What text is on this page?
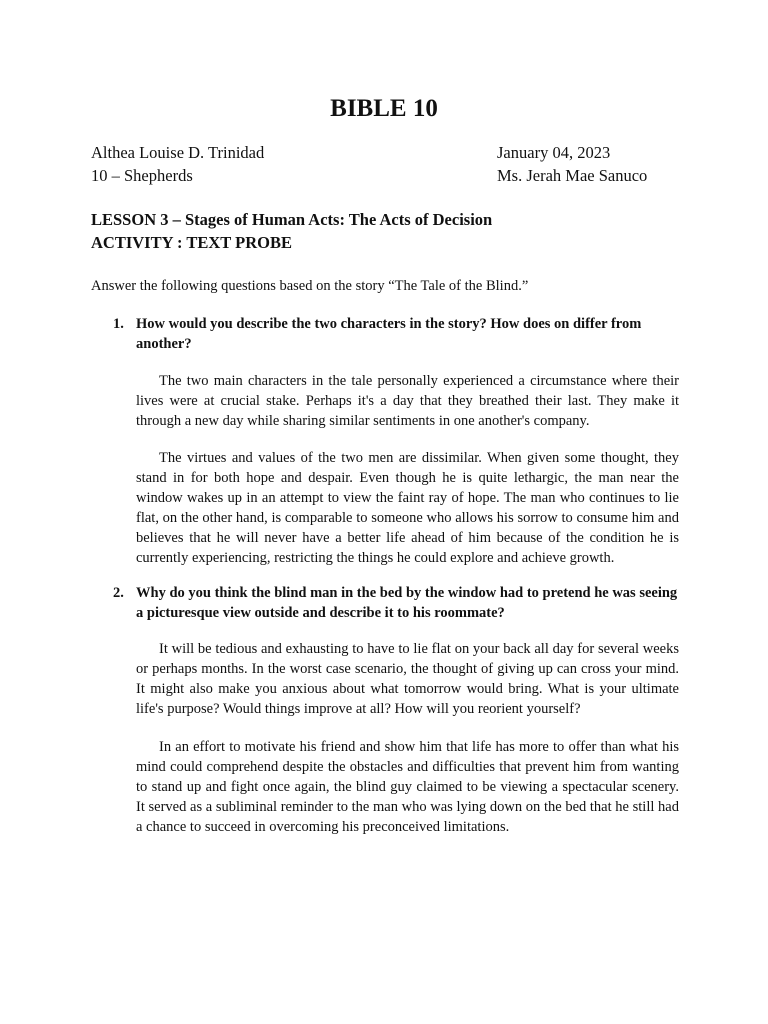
BIBLE 10
Althea Louise D. Trinidad
10 – Shepherds
January 04, 2023
Ms. Jerah Mae Sanuco
LESSON 3 – Stages of Human Acts: The Acts of Decision
ACTIVITY : TEXT PROBE
Answer the following questions based on the story “The Tale of the Blind.”
1. How would you describe the two characters in the story? How does on differ from another?

The two main characters in the tale personally experienced a circumstance where their lives were at crucial stake. Perhaps it's a day that they breathed their last. They make it through a new day while sharing similar sentiments in one another's company.

The virtues and values of the two men are dissimilar. When given some thought, they stand in for both hope and despair. Even though he is quite lethargic, the man near the window wakes up in an attempt to view the faint ray of hope. The man who continues to lie flat, on the other hand, is comparable to someone who allows his sorrow to consume him and believes that he will never have a better life ahead of him because of the condition he is currently experiencing, restricting the things he could explore and achieve growth.

2. Why do you think the blind man in the bed by the window had to pretend he was seeing a picturesque view outside and describe it to his roommate?

It will be tedious and exhausting to have to lie flat on your back all day for several weeks or perhaps months. In the worst case scenario, the thought of giving up can cross your mind. It might also make you anxious about what tomorrow would bring. What is your ultimate life's purpose? Would things improve at all? How will you reorient yourself?

In an effort to motivate his friend and show him that life has more to offer than what his mind could comprehend despite the obstacles and difficulties that prevent him from wanting to stand up and fight once again, the blind guy claimed to be viewing a spectacular scenery. It served as a subliminal reminder to the man who was lying down on the bed that he still had a chance to succeed in overcoming his preconceived limitations.
